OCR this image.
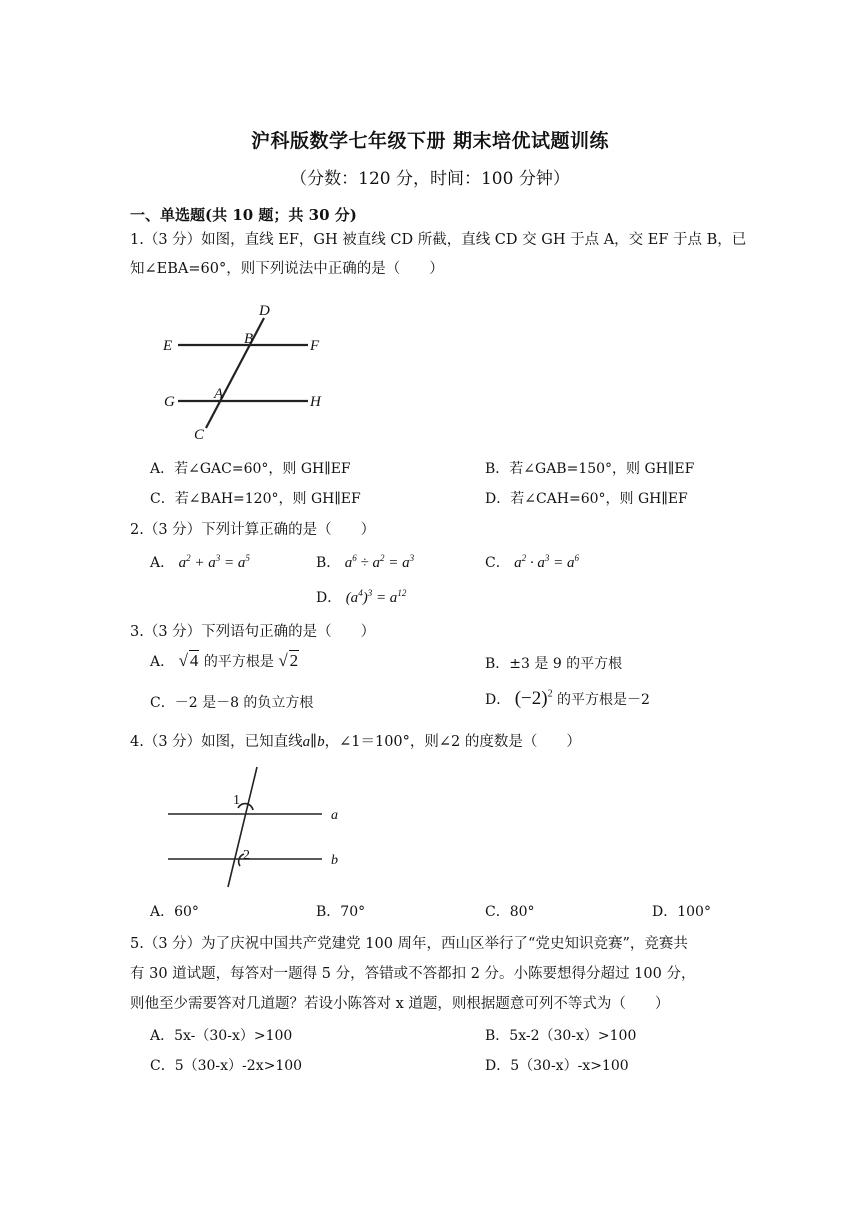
沪科版数学七年级下册 期末培优试题训练
（分数：120 分，时间：100 分钟）
一、单选题(共 10 题；共 30 分)
1.（3 分）如图，直线 EF，GH 被直线 CD 所截，直线 CD 交 GH 于点 A，交 EF 于点 B，已
知∠EBA=60°，则下列说法中正确的是（　　）
D
B
E	F
A
G	H
C
A．若∠GAC=60°，则 GH∥EF	B．若∠GAB=150°，则 GH∥EF
C．若∠BAH=120°，则 GH∥EF	D．若∠CAH=60°，则 GH∥EF
2.（3 分）下列计算正确的是（　　）
A． $a^2 + a^3 = a^5$	B． $a^6 \div a^2 = a^3$	C． $a^2 \cdot a^3 = a^6$
D． $(a^4)^3 = a^{12}$
3.（3 分）下列语句正确的是（　　）
A． √ 4 的平方根是 √ 2	B．±3 是 9 的平方根
C．－2 是－8 的负立方根	D． $(-2)^2$ 的平方根是－2
4.（3 分）如图，已知直线a∥b，∠1＝100°，则∠2 的度数是（　　）
1
2
a
b
A．60°	B．70°	C．80°	D．100°
5.（3 分）为了庆祝中国共产党建党 100 周年，西山区举行了“党史知识竞赛”，竞赛共
有 30 道试题，每答对一题得 5 分，答错或不答都扣 2 分。小陈要想得分超过 100 分，
则他至少需要答对几道题？若设小陈答对 x 道题，则根据题意可列不等式为（　　）
A．5x-（30-x）>100	B．5x-2（30-x）>100
C．5（30-x）-2x>100	D．5（30-x）-x>100
